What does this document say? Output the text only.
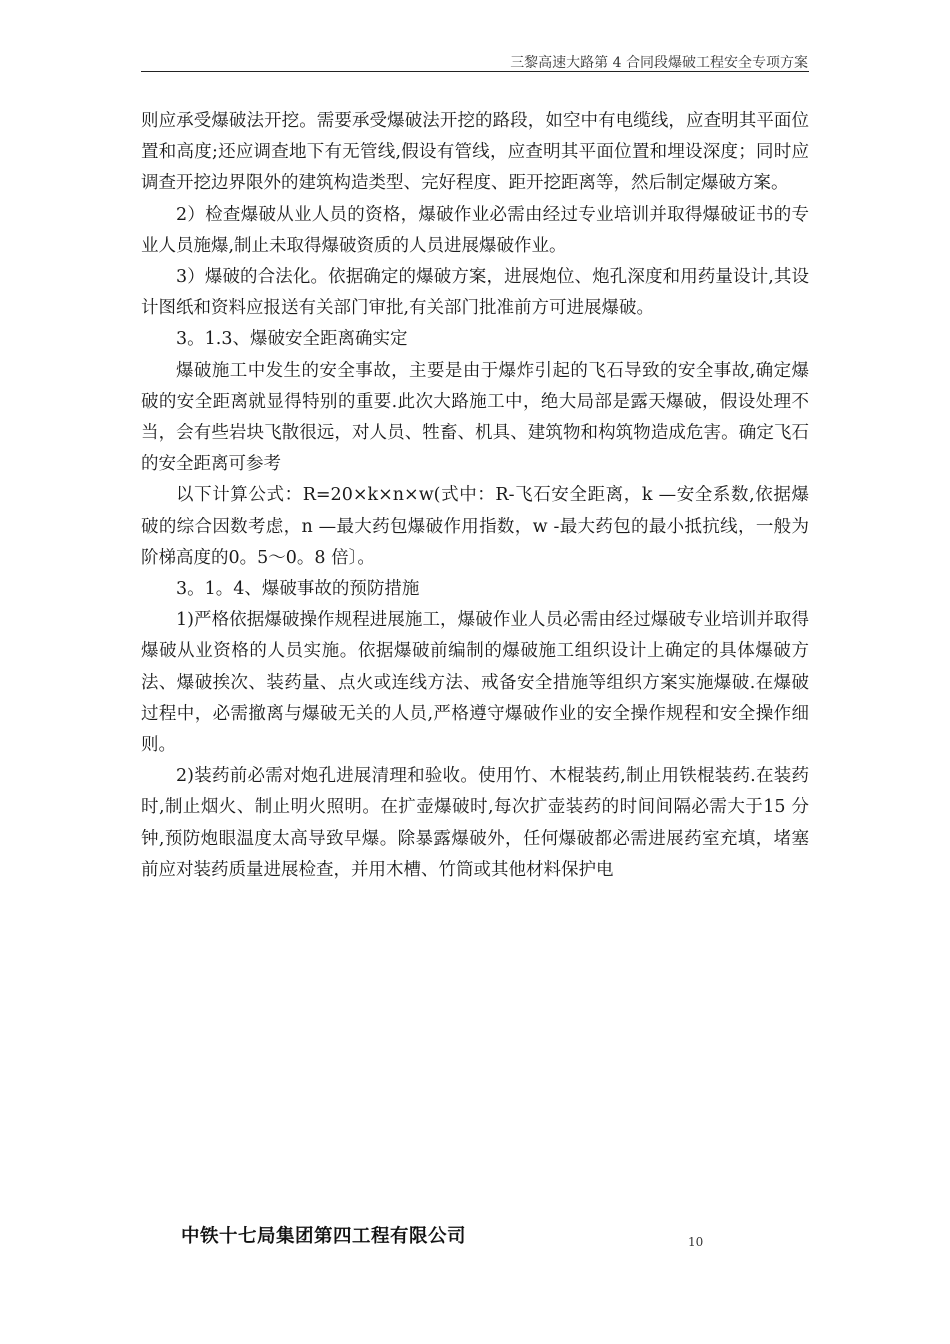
三黎高速大路第 4 合同段爆破工程安全专项方案

则应承受爆破法开挖。需要承受爆破法开挖的路段，如空中有电缆线，应查明其平面位置和高度;还应调查地下有无管线,假设有管线，应查明其平面位置和埋设深度；同时应调查开挖边界限外的建筑构造类型、完好程度、距开挖距离等，然后制定爆破方案。

2）检查爆破从业人员的资格，爆破作业必需由经过专业培训并取得爆破证书的专业人员施爆,制止未取得爆破资质的人员进展爆破作业。

3）爆破的合法化。依据确定的爆破方案，进展炮位、炮孔深度和用药量设计,其设计图纸和资料应报送有关部门审批,有关部门批准前方可进展爆破。

3。1.3、爆破安全距离确实定

爆破施工中发生的安全事故，主要是由于爆炸引起的飞石导致的安全事故,确定爆破的安全距离就显得特别的重要.此次大路施工中，绝大局部是露天爆破，假设处理不当，会有些岩块飞散很远，对人员、牲畜、机具、建筑物和构筑物造成危害。确定飞石的安全距离可参考

以下计算公式：R=20×k×n×w(式中：R-飞石安全距离，k —安全系数,依据爆破的综合因数考虑，n —最大药包爆破作用指数，w -最大药包的最小抵抗线，一般为阶梯高度的0。5～0。8 倍〕。

3。1。4、爆破事故的预防措施

1)严格依据爆破操作规程进展施工，爆破作业人员必需由经过爆破专业培训并取得爆破从业资格的人员实施。依据爆破前编制的爆破施工组织设计上确定的具体爆破方法、爆破挨次、装药量、点火或连线方法、戒备安全措施等组织方案实施爆破.在爆破过程中，必需撤离与爆破无关的人员,严格遵守爆破作业的安全操作规程和安全操作细则。

2)装药前必需对炮孔进展清理和验收。使用竹、木棍装药,制止用铁棍装药.在装药时,制止烟火、制止明火照明。在扩壶爆破时,每次扩壶装药的时间间隔必需大于15 分钟,预防炮眼温度太高导致早爆。除暴露爆破外，任何爆破都必需进展药室充填，堵塞前应对装药质量进展检查，并用木槽、竹筒或其他材料保护电

中铁十七局集团第四工程有限公司	10
